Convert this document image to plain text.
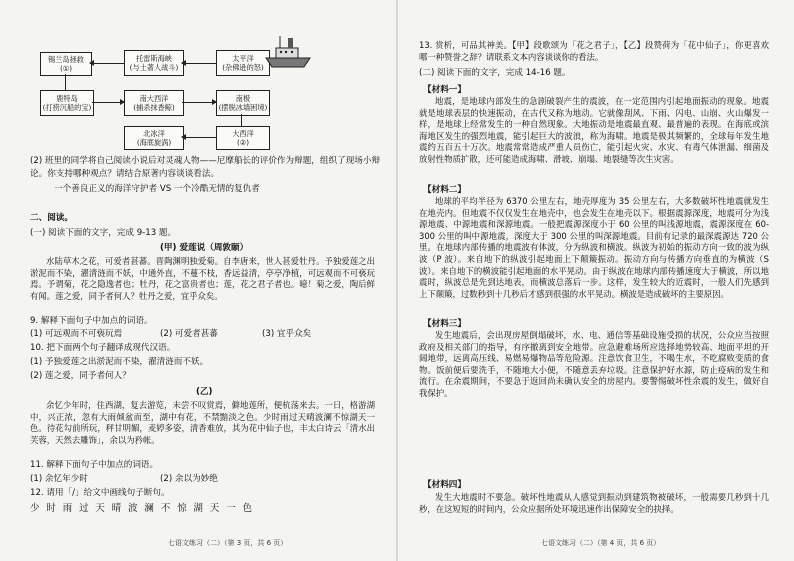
锡兰岛拯救
(①)
托雷斯海峡
(与土著人战斗)
太平洋
(杂佛逊的怒)
鹿特岛
(打捞沉船的宝)
南大西洋
(捕杀抹香鲸)
南极
(摆脱冰墙困境)
北冰洋
(海底旋涡)
大西洋
(②)
(2) 班里的同学将自己阅读小说后对灵魂人物——尼摩船长的评价作为辩题，组织了现场小辩
论。你支持哪种观点？请结合原著内容谈谈看法。
一个善良正义的海洋守护者 VS 一个冷酷无情的复仇者
二、阅读。
(一) 阅读下面的文字，完成 9-13 题。
(甲) 爱莲说（周敦颐）
水陆草木之花，可爱者甚蕃。晋陶渊明独爱菊。自李唐来，世人甚爱牡丹。予独爱莲之出淤泥而不染，濯清涟而不妖，中通外直，不蔓不枝，香远益清，亭亭净植，可远观而不可亵玩焉。予谓菊，花之隐逸者也；牡丹，花之富贵者也；莲，花之君子者也。噫！菊之爱，陶后鲜有闻。莲之爱，同予者何人？牡丹之爱，宜乎众矣。
9. 解释下面句子中加点的词语。
(1) 可远观而不可亵玩焉	(2) 可爱者甚蕃	(3) 宜乎众矣
10. 把下面两个句子翻译成现代汉语。
(1) 予独爱莲之出淤泥而不染，濯清涟而不妖。
(2) 莲之爱，同予者何人？
(乙)
余忆少年时，住西湖，复去游览，未尝不叹赏焉，僻地莲所，便杭荡来去。一日，格游湖中，兴正浓，忽有大雨倾盆而至，湖中有花，不禁黯淡之色。少时雨过天晴波澜不惊湖天一色。待花勾前所玩，秤甘明媚，麦婷多姿，清香难放，其为花中仙子也，丰太白诗云「清水出芙蓉，天然去雕饰」，余以为矜帐。
11. 解释下面句子中加点的词语。
(1) 余忆年少时	(2) 余以为妙绝
12. 请用「/」给文中画线句子断句。
少 时 雨 过 天 晴 波 澜 不 惊 湖 天 一 色
七语文练习（二）（第 3 页，共 6 页）
13. 赏析，可品其神美。【甲】段歌颂为「花之君子」，【乙】段赞荷为「花中仙子」，你更喜欢哪一种赞誉之辞？请联系文本内容谈谈你的看法。
(二) 阅读下面的文字，完成 14-16 题。
【材料一】
地震，是地球内部发生的急剧破裂产生的震波，在一定范围内引起地面振动的现象。地震就是地球表层的快速振动，在古代又称为地动。它就像刮风、下雨、闪电、山崩、火山爆发一样，是地球上经常发生的一种自然现象。大地振动是地震最直观、最普遍的表现。在海底或滨海地区发生的强烈地震，能引起巨大的波浪，称为海啸。地震是极其频繁的，全球每年发生地震约五百五十万次。地震常常造成严重人员伤亡，能引起火灾、水灾、有毒气体泄漏、细菌及放射性物质扩散，还可能造成海啸、滑坡、崩塌、地裂缝等次生灾害。
【材料二】
地球的平均半径为 6370 公里左右，地壳厚度为 35 公里左右，大多数破坏性地震就发生在地壳内。但地震不仅仅发生在地壳中，也会发生在地壳以下。根据震源深度，地震可分为浅源地震、中源地震和深源地震。一般把震源深度小于 60 公里的叫浅源地震，震源深度在 60-300 公里的叫中源地震，深度大于 300 公里的叫深源地震。目前有记录的最深震源达 720 公里。在地球内部传播的地震波有体波，分为纵波和横波。纵波为初始的振动方向一致的波为纵波（P 波）。来自地下的纵波引起地面上下颠簸振动。振动方向与传播方向垂直的为横波（S 波）。来自地下的横波能引起地面的水平晃动。由于纵波在地球内部传播速度大于横波，所以地震时，纵波总是先到达地表，而横波总落后一步。这样，发生较大的近震时，一般人们先感到上下颠簸，过数秒到十几秒后才感到很强的水平晃动。横波是造成破坏的主要原因。
【材料三】
发生地震后，会出现房屋倒塌破坏，水、电、通信等基础设施受损的状况，公众应当按照政府及相关部门的指导，有序撤离到安全地带。应急避难场所应选择地势较高、地面平坦的开阔地带，远离高压线、易燃易爆物品等危险源。注意饮食卫生，不喝生水，不吃腐败变质的食物。饭前便后要洗手，不随地大小便，不随意丢弃垃圾。注意保护好水源，防止疫病的发生和流行。在余震期间，不要急于返回尚未确认安全的房屋内。要警惕破坏性余震的发生，做好自我保护。
【材料四】
发生大地震时不要急。破坏性地震从人感觉到振动到建筑物被破坏，一般需要几秒到十几秒，在这短短的时间内，公众应据所处环境迅速作出保障安全的抉择。
七语文练习（二）（第 4 页，共 6 页）
